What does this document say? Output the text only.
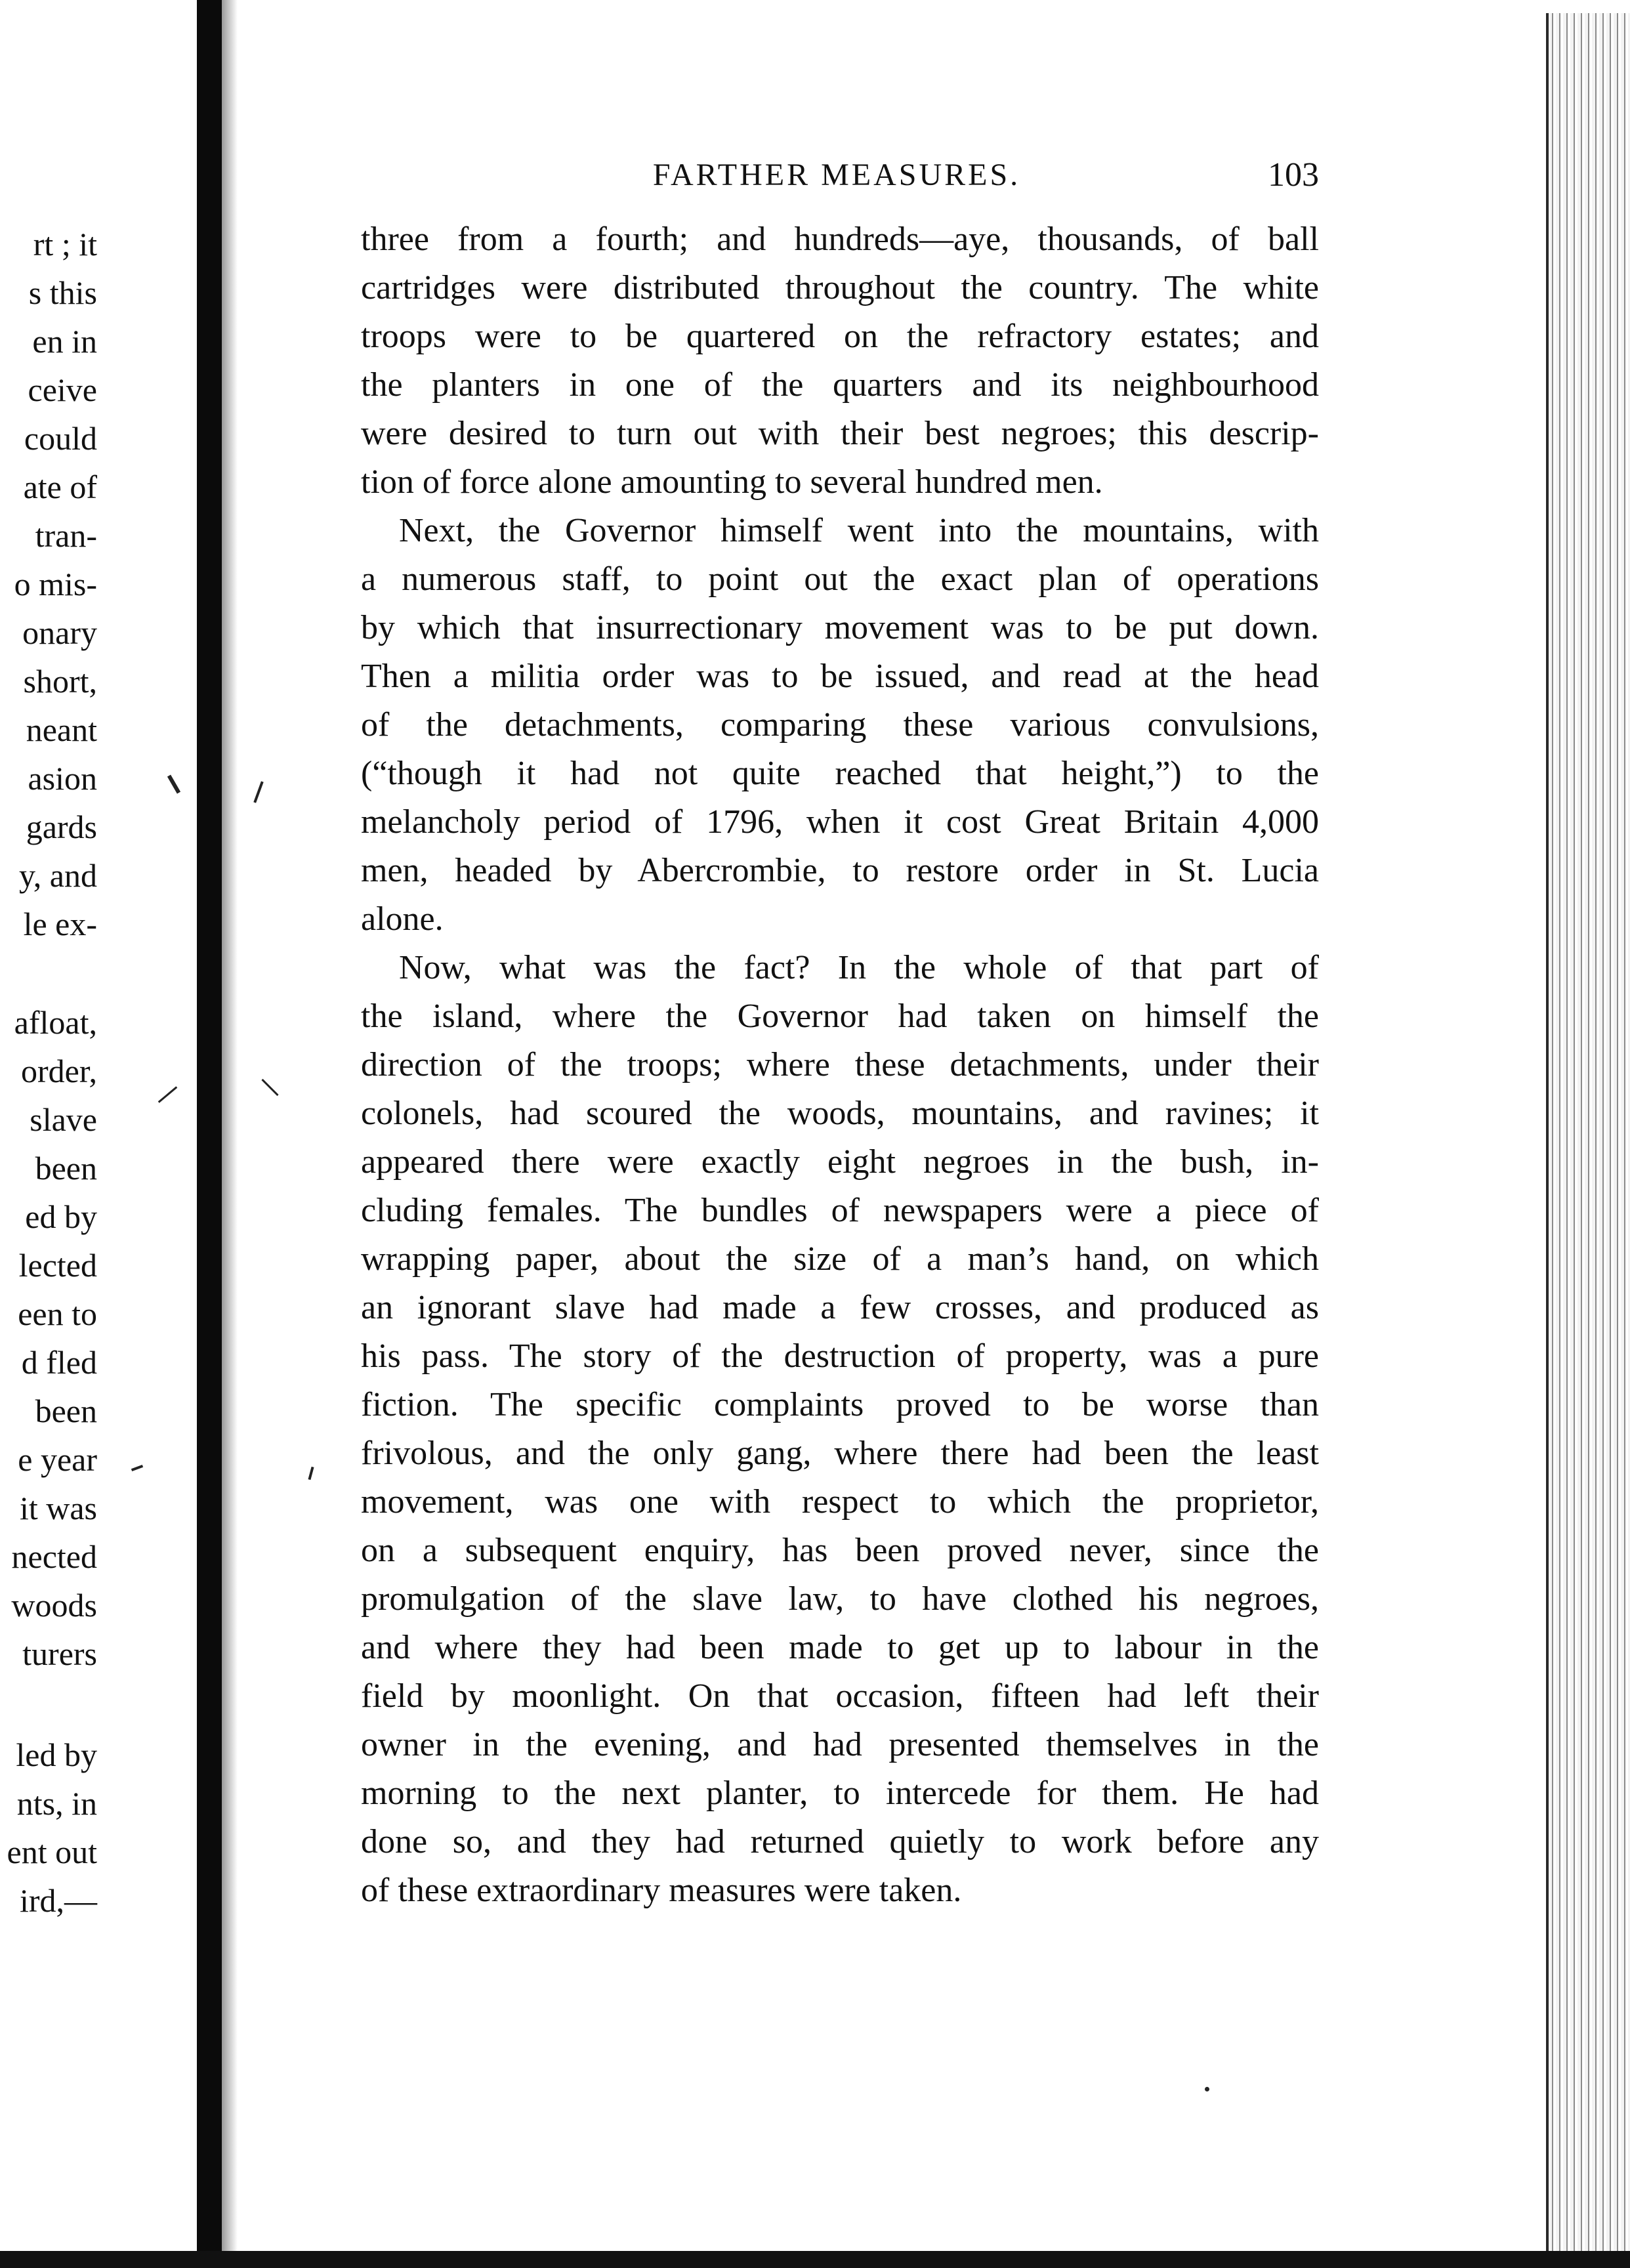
rt ; it
s this
en in
ceive
could
ate of
tran-
o mis-
onary
short,
neant
asion
gards
y, and
le ex-
afloat,
order,
slave
been
ed by
lected
een to
d fled
been
e year
it was
nected
woods
turers
led by
nts, in
ent out
ird,—
FARTHER MEASURES.	103
three from a fourth; and hundreds—aye, thousands, of ball
cartridges were distributed throughout the country. The white
troops were to be quartered on the refractory estates; and
the planters in one of the quarters and its neighbourhood
were desired to turn out with their best negroes; this descrip-
tion of force alone amounting to several hundred men.
Next, the Governor himself went into the mountains, with
a numerous staff, to point out the exact plan of operations
by which that insurrectionary movement was to be put down.
Then a militia order was to be issued, and read at the head
of the detachments, comparing these various convulsions,
(“though it had not quite reached that height,”) to the
melancholy period of 1796, when it cost Great Britain 4,000
men, headed by Abercrombie, to restore order in St. Lucia
alone.
Now, what was the fact? In the whole of that part of
the island, where the Governor had taken on himself the
direction of the troops; where these detachments, under their
colonels, had scoured the woods, mountains, and ravines; it
appeared there were exactly eight negroes in the bush, in-
cluding females. The bundles of newspapers were a piece of
wrapping paper, about the size of a man’s hand, on which
an ignorant slave had made a few crosses, and produced as
his pass. The story of the destruction of property, was a pure
fiction. The specific complaints proved to be worse than
frivolous, and the only gang, where there had been the least
movement, was one with respect to which the proprietor,
on a subsequent enquiry, has been proved never, since the
promulgation of the slave law, to have clothed his negroes,
and where they had been made to get up to labour in the
field by moonlight. On that occasion, fifteen had left their
owner in the evening, and had presented themselves in the
morning to the next planter, to intercede for them. He had
done so, and they had returned quietly to work before any
of these extraordinary measures were taken.
